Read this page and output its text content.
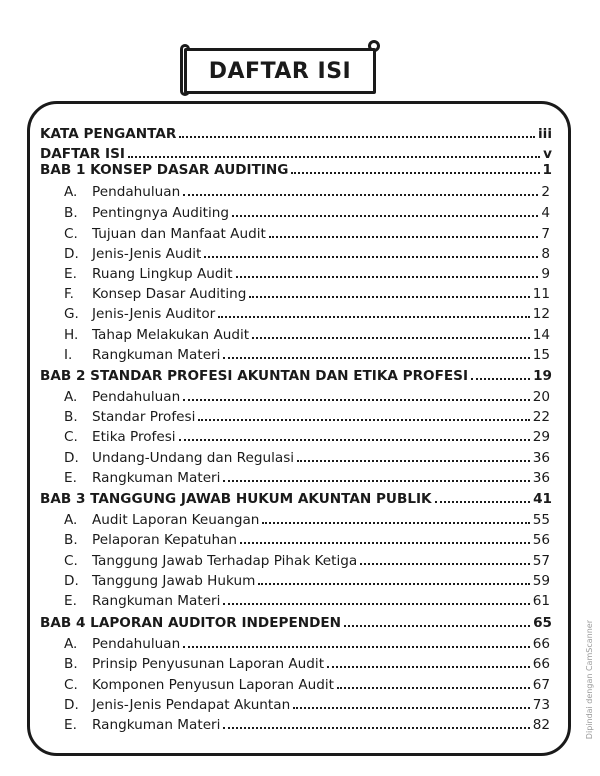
DAFTAR ISI
KATA PENGANTAR	iii
DAFTAR ISI	v
BAB 1 KONSEP DASAR AUDITING	1
A.	Pendahuluan	2
B.	Pentingnya Auditing	4
C.	Tujuan dan Manfaat Audit	7
D. Jenis-Jenis Audit	8
E.	Ruang Lingkup Audit	9
F.	Konsep Dasar Auditing	11
G. Jenis-Jenis Auditor	12
H.	Tahap Melakukan Audit	14
I.	Rangkuman Materi	15
BAB 2 STANDAR PROFESI AKUNTAN DAN ETIKA PROFESI	19
A.	Pendahuluan	20
B.	Standar Profesi	22
C.	Etika Profesi	29
D. Undang-Undang dan Regulasi	36
E.	Rangkuman Materi	36
BAB 3 TANGGUNG JAWAB HUKUM AKUNTAN PUBLIK	41
A.	Audit Laporan Keuangan	55
B.	Pelaporan Kepatuhan	56
C.	Tanggung Jawab Terhadap Pihak Ketiga	57
D. Tanggung Jawab Hukum	59
E.	Rangkuman Materi	61
BAB 4 LAPORAN AUDITOR INDEPENDEN	65
A.	Pendahuluan	66
B.	Prinsip Penyusunan Laporan Audit	66
C.	Komponen Penyusun Laporan Audit	67
D. Jenis-Jenis Pendapat Akuntan	73
E.	Rangkuman Materi	82	Dipindai dengan CamScanner
